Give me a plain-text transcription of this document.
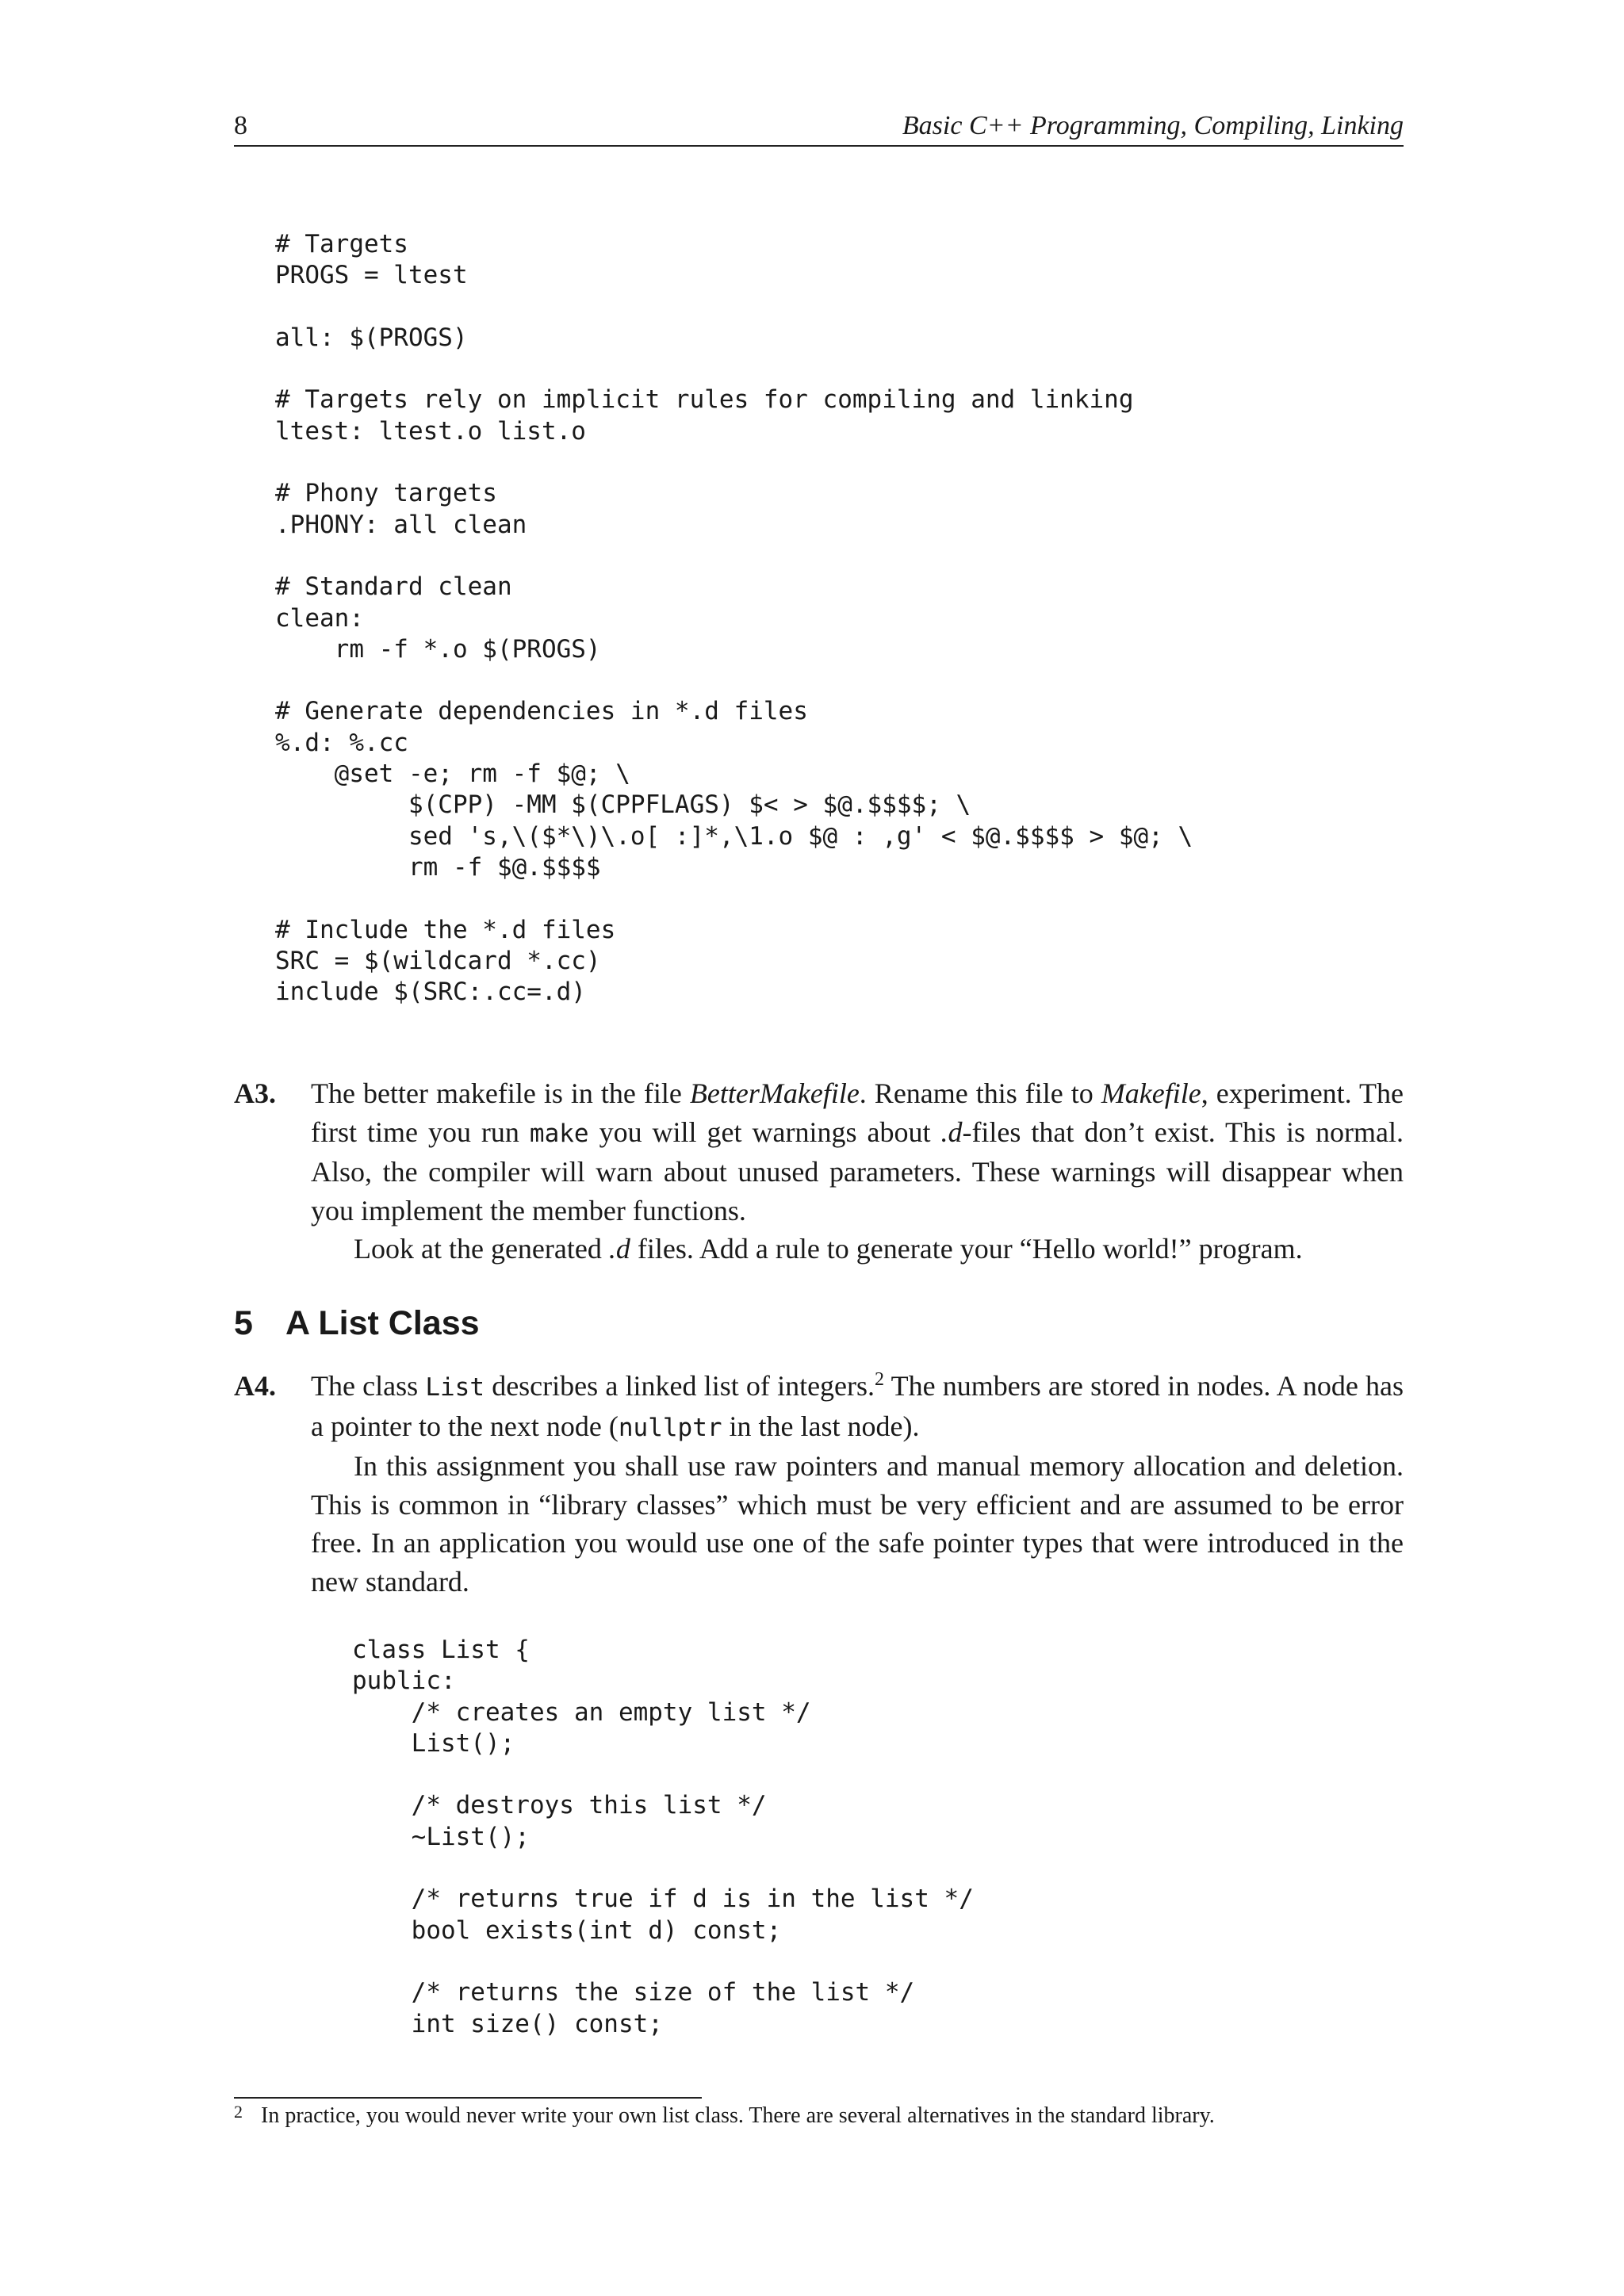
8	Basic C++ Programming, Compiling, Linking
# Targets
PROGS = ltest

all: $(PROGS)

# Targets rely on implicit rules for compiling and linking
ltest: ltest.o list.o

# Phony targets
.PHONY: all clean

# Standard clean
clean:
rm -f *.o $(PROGS)

# Generate dependencies in *.d files
%.d: %.cc
@set -e; rm -f $@; \
$(CPP) -MM $(CPPFLAGS) $< > $@.$$$$; \
sed 's,\($*\)\.o[ :]*,\1.o $@ : ,g' < $@.$$$$ > $@; \
rm -f $@.$$$$

# Include the *.d files
SRC = $(wildcard *.cc)
include $(SRC:.cc=.d)
A3. The better makefile is in the file BetterMakefile. Rename this file to Makefile, experiment. The first time you run make you will get warnings about .d-files that don’t exist. This is normal. Also, the compiler will warn about unused parameters. These warnings will disappear when you implement the member functions.

Look at the generated .d files. Add a rule to generate your “Hello world!” program.

5 A List Class
A4. The class List describes a linked list of integers.$^2$ The numbers are stored in nodes. A node has a pointer to the next node (nullptr in the last node).

In this assignment you shall use raw pointers and manual memory allocation and deletion. This is common in “library classes” which must be very efficient and are assumed to be error free. In an application you would use one of the safe pointer types that were introduced in the new standard.

class List {
public:
/* creates an empty list */
List();

/* destroys this list */
~List();

/* returns true if d is in the list */
bool exists(int d) const;

/* returns the size of the list */
int size() const;
2 In practice, you would never write your own list class. There are several alternatives in the standard library.
